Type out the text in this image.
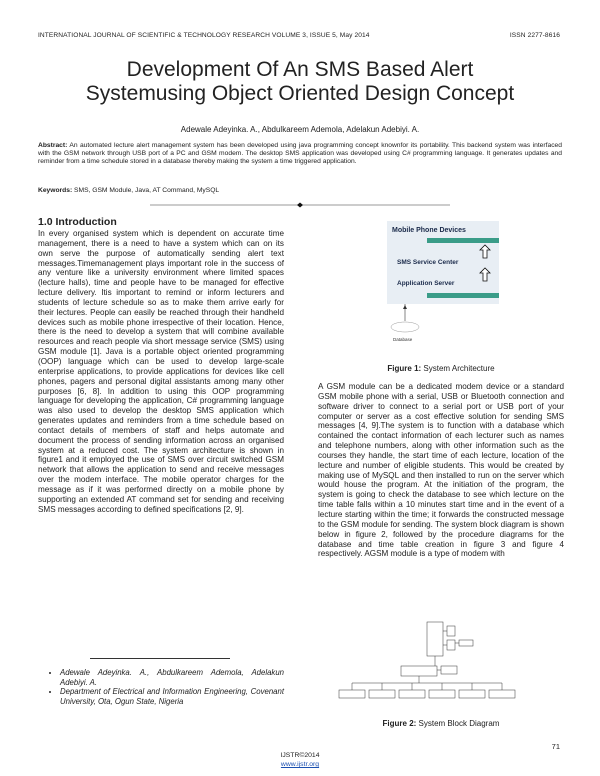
INTERNATIONAL JOURNAL OF SCIENTIFIC & TECHNOLOGY RESEARCH VOLUME 3, ISSUE 5, May 2014	ISSN 2277-8616
Development Of An SMS Based Alert
Systemusing Object Oriented Design Concept
Adewale Adeyinka. A., Abdulkareem Ademola, Adelakun Adebiyi. A.
Abstract: An automated lecture alert management system has been developed using java programming concept knownfor its portability. This backend system was interfaced with the GSM network through USB port of a PC and GSM modem. The desktop SMS application was developed using C# programming language. It generates updates and reminder from a time schedule stored in a database thereby making the system a time triggered application.
Keywords: SMS, GSM Module, Java, AT Command, MySQL
1.0 Introduction
In every organised system which is dependent on accurate time management, there is a need to have a system which can on its own serve the purpose of automatically sending alert text messages.Timemanagement plays important role in the success of any venture like a university environment where limited spaces (lecture halls), time and people have to be managed for effective lecture delivery. Itis important to remind or inform lecturers and students of lecture schedule so as to make them arrive early for their lectures. People can easily be reached through their handheld devices such as mobile phone irrespective of their location. Hence, there is the need to develop a system that will combine available resources and reach people via short message service (SMS) using GSM module [1]. Java is a portable object oriented programming (OOP) language which can be used to develop large-scale enterprise applications, to provide applications for devices like cell phones, pagers and personal digital assistants among many other purposes [6, 8]. In addition to using this OOP programming language for developing the application, C# programming language was also used to develop the desktop SMS application which generates updates and reminders from a time schedule based on contact details of members of staff and helps automate and document the process of sending information across an organised system at a reduced cost. The system architecture is shown in figure1 and it employed the use of SMS over circuit switched GSM network that allows the application to send and receive messages over the modem interface. The mobile operator charges for the message as if it was performed directly on a mobile phone by supporting an extended AT command set for sending and receiving SMS messages according to defined specifications [2, 9].
Mobile Phone Devices
SMS Service Center
Application Server
Database
Figure 1: System Architecture
A GSM module can be a dedicated modem device or a standard GSM mobile phone with a serial, USB or Bluetooth connection and software driver to connect to a serial port or USB port of your computer or server as a cost effective solution for sending SMS messages [4, 9].The system is to function with a database which contained the contact information of each lecturer such as names and telephone numbers, along with other information such as the courses they handle, the start time of each lecture, location of the lecture and number of eligible students. This would be created by making use of MySQL and then installed to run on the server which would house the program. At the initiation of the program, the system is going to check the database to see which lecture on the time table falls within a 10 minutes start time and in the event of a lecture starting within the time; it forwards the constructed message to the GSM module for sending. The system block diagram is shown below in figure 2, followed by the procedure diagrams for the database and time table creation in figure 3 and figure 4 respectively. AGSM module is a type of modem with
Figure 2: System Block Diagram
• Adewale Adeyinka. A., Abdulkareem Ademola, Adelakun Adebiyi. A.
• Department of Electrical and Information Engineering, Covenant University, Ota, Ogun State, Nigeria
71
IJSTR©2014
www.ijstr.org
